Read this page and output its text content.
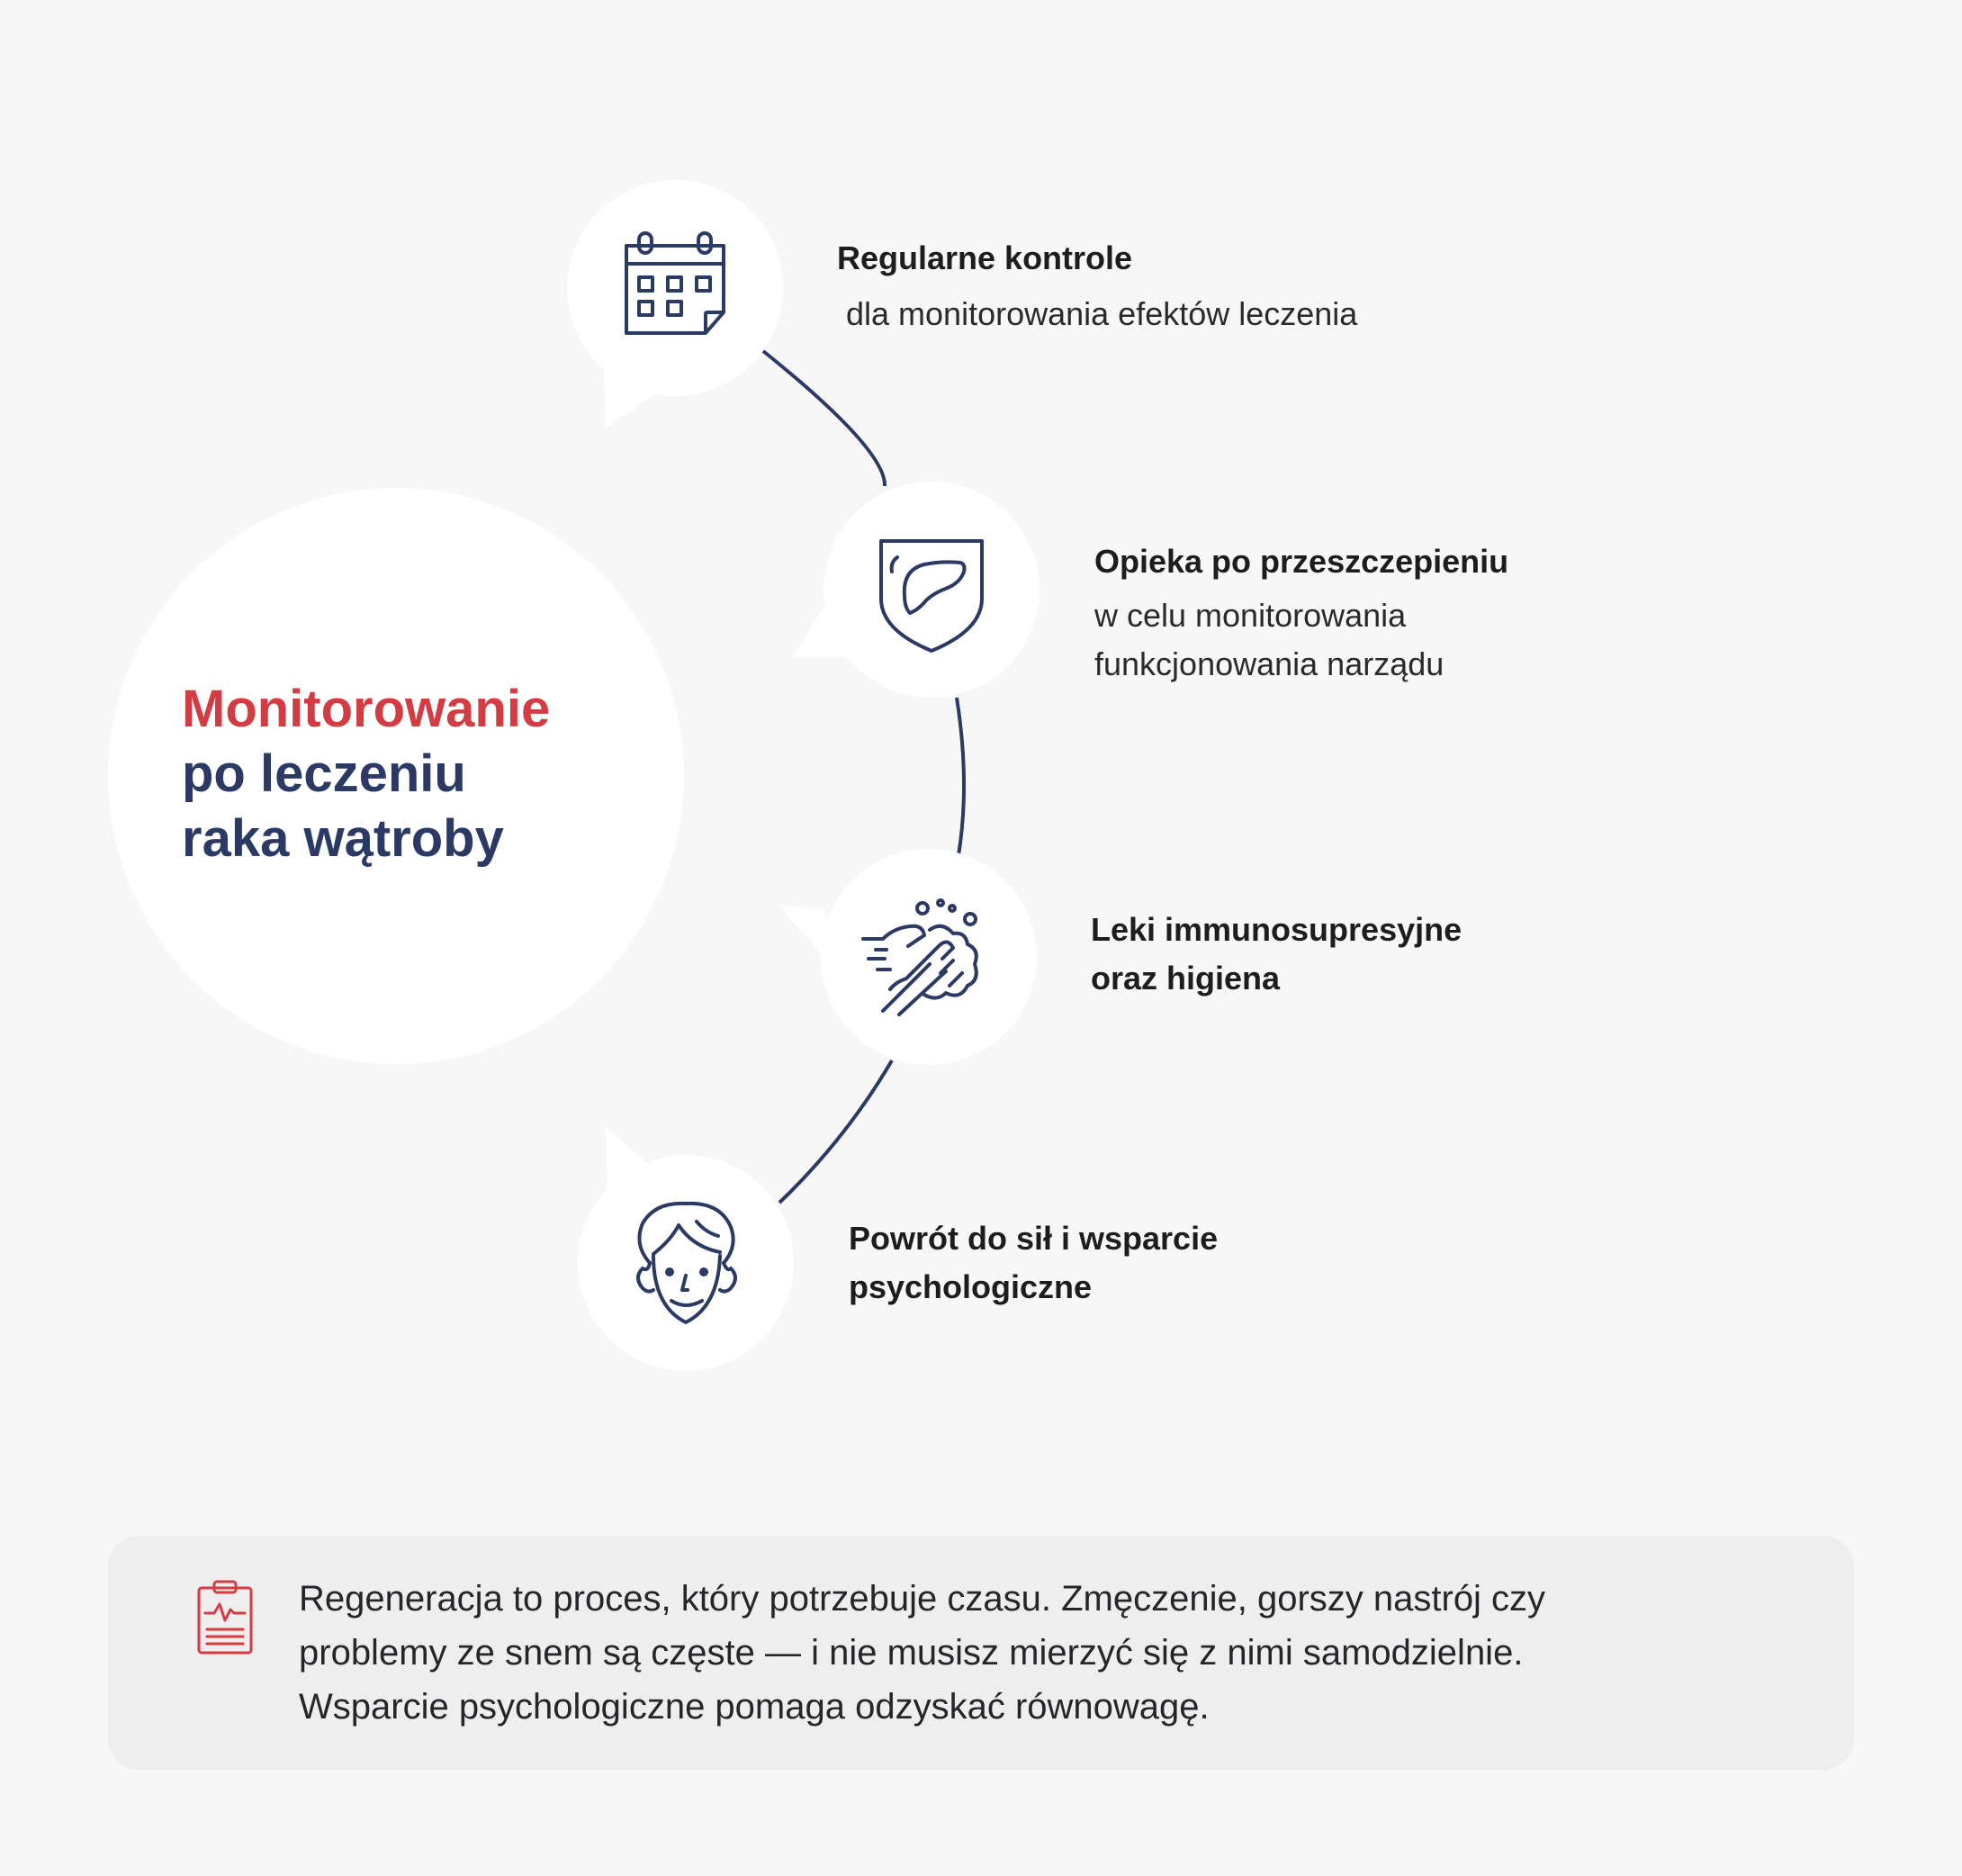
Monitorowanie
po leczeniu
raka wątroby
Regularne kontrole
dla monitorowania efektów leczenia
Opieka po przeszczepieniu
w celu monitorowania
funkcjonowania narządu
Leki immunosupresyjne
oraz higiena
Powrót do sił i wsparcie
psychologiczne
Regeneracja to proces, który potrzebuje czasu. Zmęczenie, gorszy nastrój czy
problemy ze snem są częste — i nie musisz mierzyć się z nimi samodzielnie.
Wsparcie psychologiczne pomaga odzyskać równowagę.
